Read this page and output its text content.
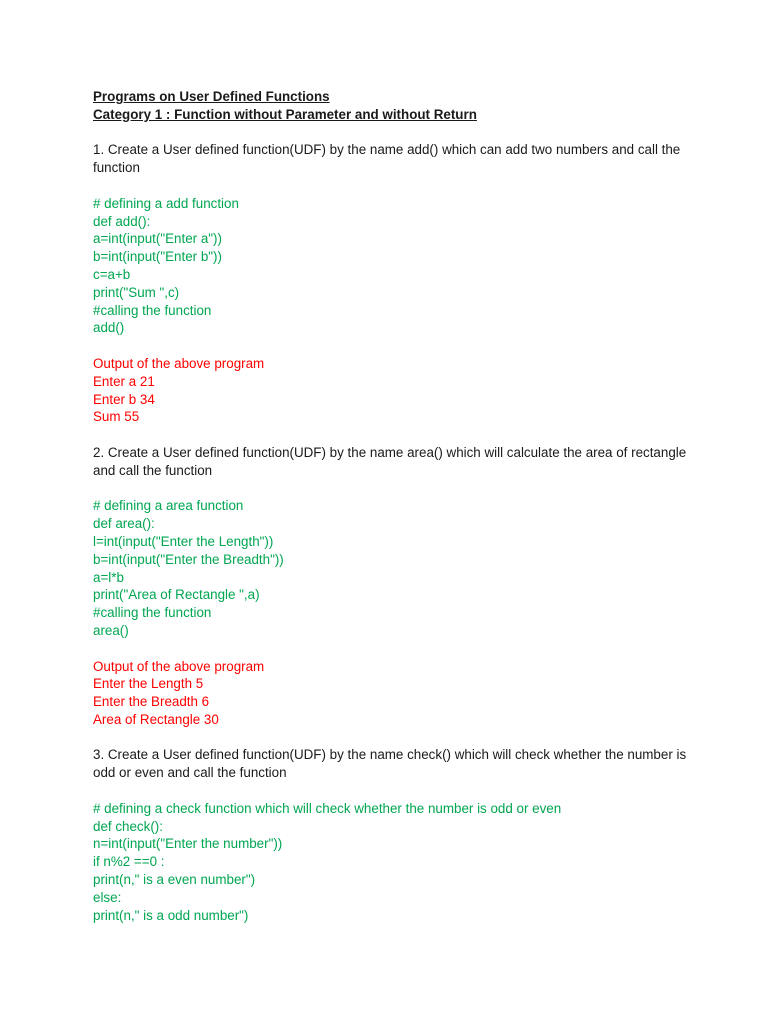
Programs on User Defined Functions
Category 1 : Function without Parameter and without Return
1. Create a User defined function(UDF) by the name add() which can add two numbers and call the function
# defining a add function
def add():
a=int(input("Enter a"))
b=int(input("Enter b"))
c=a+b
print("Sum ",c)
#calling the function
add()
Output of the above program
Enter a 21
Enter b 34
Sum 55
2. Create a User defined function(UDF) by the name area() which will calculate the area of rectangle and call the function
# defining a area function
def area():
l=int(input("Enter the Length"))
b=int(input("Enter the Breadth"))
a=l*b
print("Area of Rectangle ",a)
#calling the function
area()
Output of the above program
Enter the Length 5
Enter the Breadth 6
Area of Rectangle 30
3. Create a User defined function(UDF) by the name check() which will check whether the number is odd or even and call the function
# defining a check function which will check whether the number is odd or even
def check():
n=int(input("Enter the number"))
if n%2 ==0 :
print(n," is a even number")
else:
print(n," is a odd number")
